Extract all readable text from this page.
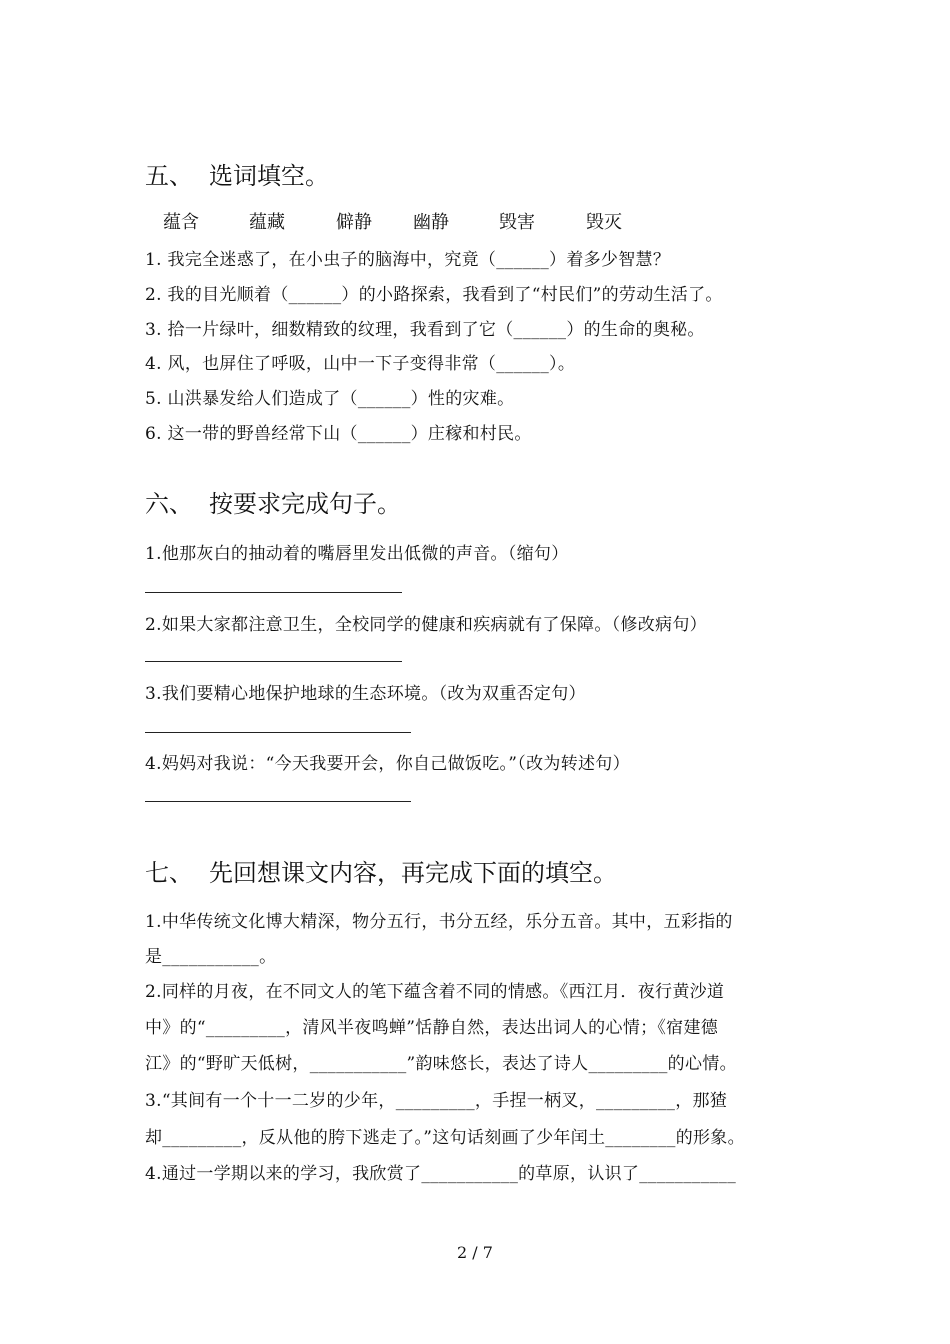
五、 选词填空。
蕴含	蕴藏	僻静 幽静	毁害	毁灭
1. 我完全迷惑了，在小虫子的脑海中，究竟（______）着多少智慧？
2. 我的目光顺着（______）的小路探索，我看到了“村民们”的劳动生活了。
3. 拾一片绿叶，细数精致的纹理，我看到了它（______）的生命的奥秘。
4. 风，也屏住了呼吸，山中一下子变得非常（______）。
5. 山洪暴发给人们造成了（______）性的灾难。
6. 这一带的野兽经常下山（______）庄稼和村民。
六、 按要求完成句子。
1.他那灰白的抽动着的嘴唇里发出低微的声音。（缩句）
2.如果大家都注意卫生，全校同学的健康和疾病就有了保障。（修改病句）
3.我们要精心地保护地球的生态环境。（改为双重否定句）
4.妈妈对我说：“今天我要开会，你自己做饭吃。”（改为转述句）
七、 先回想课文内容，再完成下面的填空。
1.中华传统文化博大精深，物分五行，书分五经，乐分五音。其中，五彩指的
是___________。
2.同样的月夜，在不同文人的笔下蕴含着不同的情感。《西江月．夜行黄沙道
中》的“_________，清风半夜鸣蝉”恬静自然，表达出词人的心情；《宿建德
江》的“野旷天低树，___________”韵味悠长，表达了诗人_________的心情。
3.“其间有一个十一二岁的少年，_________，手捏一柄叉，_________，那猹
却_________，反从他的胯下逃走了。”这句话刻画了少年闰土________的形象。
4.通过一学期以来的学习，我欣赏了___________的草原，认识了___________
2 / 7
